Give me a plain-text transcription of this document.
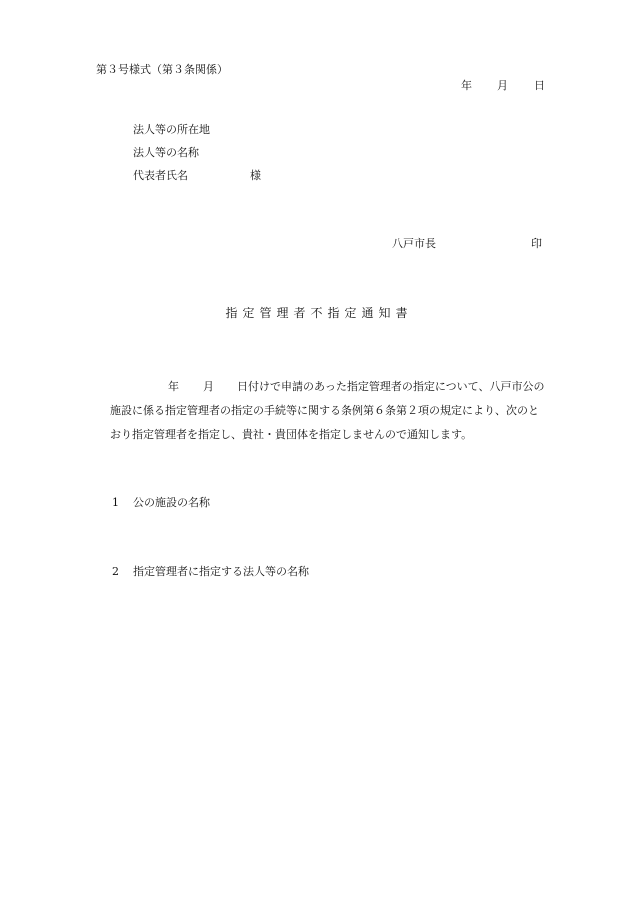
第３号様式（第３条関係）
年 月 日
法人等の所在地
法人等の名称
代表者氏名	様
八戸市長	印
指定管理者不指定通知書
年 月 日付けで申請のあった指定管理者の指定について、八戸市公の
施設に係る指定管理者の指定の手続等に関する条例第６条第２項の規定により、次のと
おり指定管理者を指定し、貴社・貴団体を指定しませんので通知します。
1 公の施設の名称
2 指定管理者に指定する法人等の名称
